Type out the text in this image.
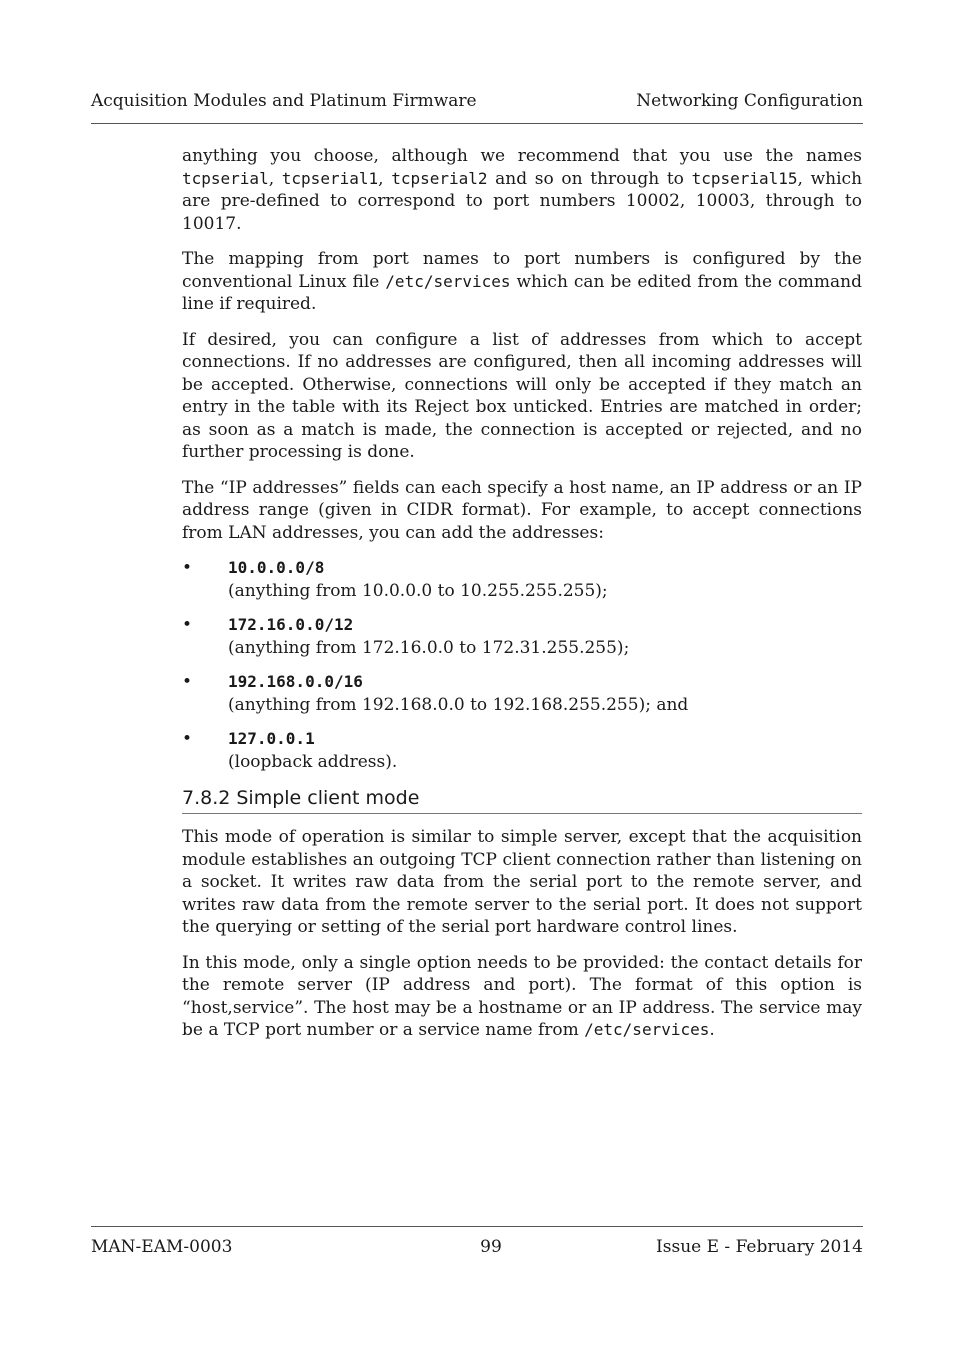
Acquisition Modules and Platinum Firmware	Networking Configuration

anything you choose, although we recommend that you use the names tcpserial, tcpserial1, tcpserial2 and so on through to tcpserial15, which are pre-defined to correspond to port numbers 10002, 10003, through to 10017.

The mapping from port names to port numbers is configured by the conventional Linux file /etc/services which can be edited from the command line if required.

If desired, you can configure a list of addresses from which to accept connections. If no addresses are configured, then all incoming addresses will be accepted. Otherwise, connections will only be accepted if they match an entry in the table with its Reject box unticked. Entries are matched in order; as soon as a match is made, the connection is accepted or rejected, and no further processing is done.

The “IP addresses” fields can each specify a host name, an IP address or an IP address range (given in CIDR format). For example, to accept connections from LAN addresses, you can add the addresses:

• 10.0.0.0/8
(anything from 10.0.0.0 to 10.255.255.255);
• 172.16.0.0/12
(anything from 172.16.0.0 to 172.31.255.255);
• 192.168.0.0/16
(anything from 192.168.0.0 to 192.168.255.255); and
• 127.0.0.1
(loopback address).
7.8.2 Simple client mode

This mode of operation is similar to simple server, except that the acquisition module establishes an outgoing TCP client connection rather than listening on a socket. It writes raw data from the serial port to the remote server, and writes raw data from the remote server to the serial port. It does not support the querying or setting of the serial port hardware control lines.

In this mode, only a single option needs to be provided: the contact details for the remote server (IP address and port). The format of this option is “host,service”. The host may be a hostname or an IP address. The service may be a TCP port number or a service name from /etc/services.

MAN-EAM-0003	99	Issue E - February 2014
